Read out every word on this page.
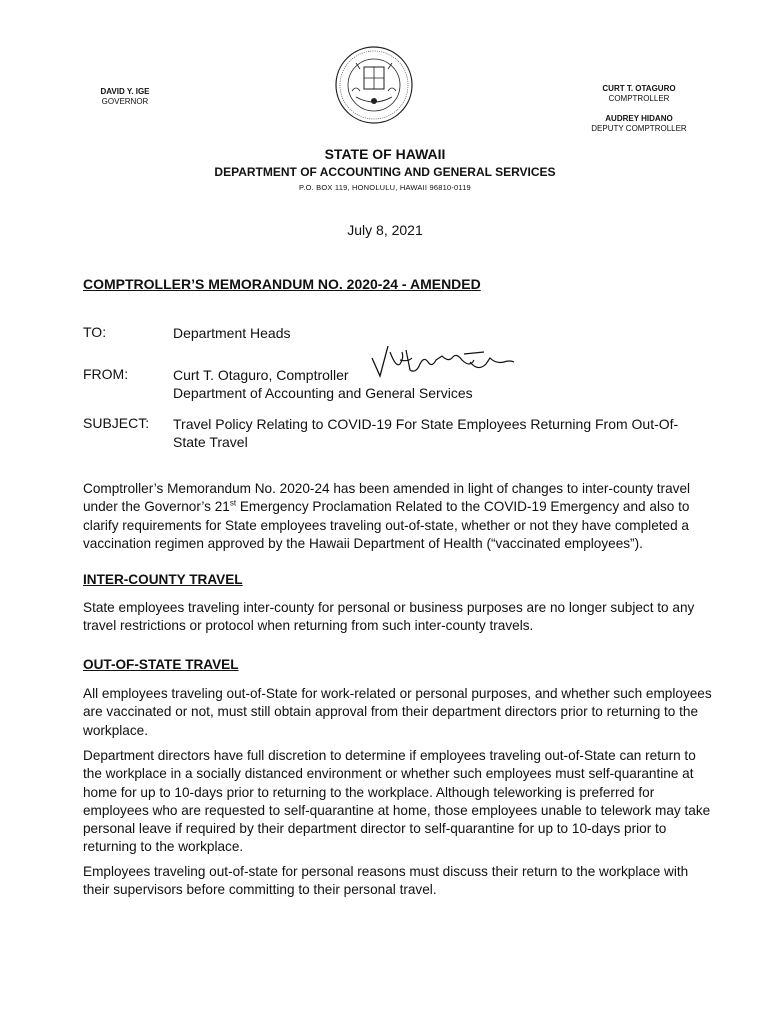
DAVID Y. IGE
GOVERNOR
CURT T. OTAGURO
COMPTROLLER
AUDREY HIDANO
DEPUTY COMPTROLLER
STATE OF HAWAII
DEPARTMENT OF ACCOUNTING AND GENERAL SERVICES
P.O. BOX 119, HONOLULU, HAWAII 96810-0119
July 8, 2021
COMPTROLLER’S MEMORANDUM NO. 2020-24 - AMENDED
TO:	Department Heads
FROM:	Curt T. Otaguro, Comptroller
Department of Accounting and General Services
SUBJECT: Travel Policy Relating to COVID-19 For State Employees Returning From Out-Of-State Travel

Comptroller’s Memorandum No. 2020-24 has been amended in light of changes to inter-county travel under the Governor’s 21st Emergency Proclamation Related to the COVID-19 Emergency and also to clarify requirements for State employees traveling out-of-state, whether or not they have completed a vaccination regimen approved by the Hawaii Department of Health (“vaccinated employees”).

INTER-COUNTY TRAVEL

State employees traveling inter-county for personal or business purposes are no longer subject to any travel restrictions or protocol when returning from such inter-county travels.

OUT-OF-STATE TRAVEL

All employees traveling out-of-State for work-related or personal purposes, and whether such employees are vaccinated or not, must still obtain approval from their department directors prior to returning to the workplace.

Department directors have full discretion to determine if employees traveling out-of-State can return to the workplace in a socially distanced environment or whether such employees must self-quarantine at home for up to 10-days prior to returning to the workplace. Although teleworking is preferred for employees who are requested to self-quarantine at home, those employees unable to telework may take personal leave if required by their department director to self-quarantine for up to 10-days prior to returning to the workplace.

Employees traveling out-of-state for personal reasons must discuss their return to the workplace with their supervisors before committing to their personal travel.
